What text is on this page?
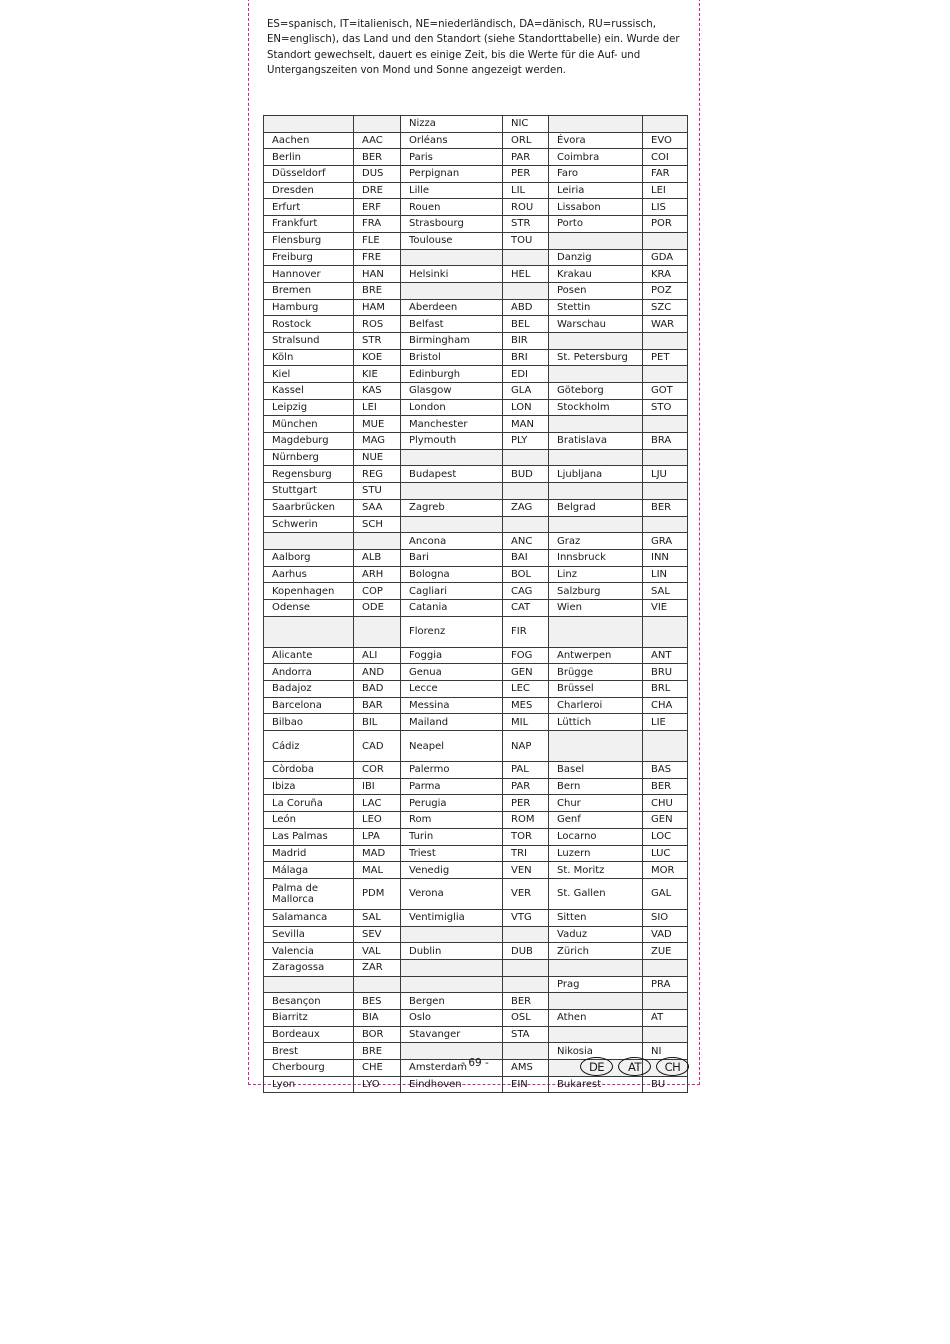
ES=spanisch, IT=italienisch, NE=niederländisch, DA=dänisch, RU=russisch, EN=englisch), das Land und den Standort (siehe Standorttabelle) ein. Wurde der Standort gewechselt, dauert es einige Zeit, bis die Werte für die Auf- und Untergangszeiten von Mond und Sonne angezeigt werden.

		Nizza	NIC		
Aachen	AAC	Orléans	ORL	Évora	EVO
Berlin	BER	Paris	PAR	Coimbra	COI
Düsseldorf	DUS	Perpignan	PER	Faro	FAR
Dresden	DRE	Lille	LIL	Leiria	LEI
Erfurt	ERF	Rouen	ROU	Lissabon	LIS
Frankfurt	FRA	Strasbourg	STR	Porto	POR
Flensburg	FLE	Toulouse	TOU		
Freiburg	FRE			Danzig	GDA
Hannover	HAN	Helsinki	HEL	Krakau	KRA
Bremen	BRE			Posen	POZ
Hamburg	HAM	Aberdeen	ABD	Stettin	SZC
Rostock	ROS	Belfast	BEL	Warschau	WAR
Stralsund	STR	Birmingham	BIR		
Köln	KOE	Bristol	BRI	St. Petersburg	PET
Kiel	KIE	Edinburgh	EDI		
Kassel	KAS	Glasgow	GLA	Göteborg	GOT
Leipzig	LEI	London	LON	Stockholm	STO
München	MUE	Manchester	MAN		
Magdeburg	MAG	Plymouth	PLY	Bratislava	BRA
Nürnberg	NUE				
Regensburg	REG	Budapest	BUD	Ljubljana	LJU
Stuttgart	STU				
Saarbrücken	SAA	Zagreb	ZAG	Belgrad	BER
Schwerin	SCH				
		Ancona	ANC	Graz	GRA
Aalborg	ALB	Bari	BAI	Innsbruck	INN
Aarhus	ARH	Bologna	BOL	Linz	LIN
Kopenhagen	COP	Cagliari	CAG	Salzburg	SAL
Odense	ODE	Catania	CAT	Wien	VIE
		Florenz	FIR		
Alicante	ALI	Foggia	FOG	Antwerpen	ANT
Andorra	AND	Genua	GEN	Brügge	BRU
Badajoz	BAD	Lecce	LEC	Brüssel	BRL
Barcelona	BAR	Messina	MES	Charleroi	CHA
Bilbao	BIL	Mailand	MIL	Lüttich	LIE
Cádiz	CAD	Neapel	NAP		
Còrdoba	COR	Palermo	PAL	Basel	BAS
Ibiza	IBI	Parma	PAR	Bern	BER
La Coruña	LAC	Perugia	PER	Chur	CHU
León	LEO	Rom	ROM	Genf	GEN
Las Palmas	LPA	Turin	TOR	Locarno	LOC
Madrid	MAD	Triest	TRI	Luzern	LUC
Málaga	MAL	Venedig	VEN	St. Moritz	MOR
Palma de Mallorca	PDM	Verona	VER	St. Gallen	GAL
Salamanca	SAL	Ventimiglia	VTG	Sitten	SIO
Sevilla	SEV			Vaduz	VAD
Valencia	VAL	Dublin	DUB	Zürich	ZUE
Zaragossa	ZAR				
				Prag	PRA
Besançon	BES	Bergen	BER		
Biarritz	BIA	Oslo	OSL	Athen	AT
Bordeaux	BOR	Stavanger	STA		
Brest	BRE			Nikosia	NI
Cherbourg	CHE	Amsterdam	AMS		
Lyon	LYO	Eindhoven	EIN	Bukarest	BU

- 69 -	DE	AT	CH
